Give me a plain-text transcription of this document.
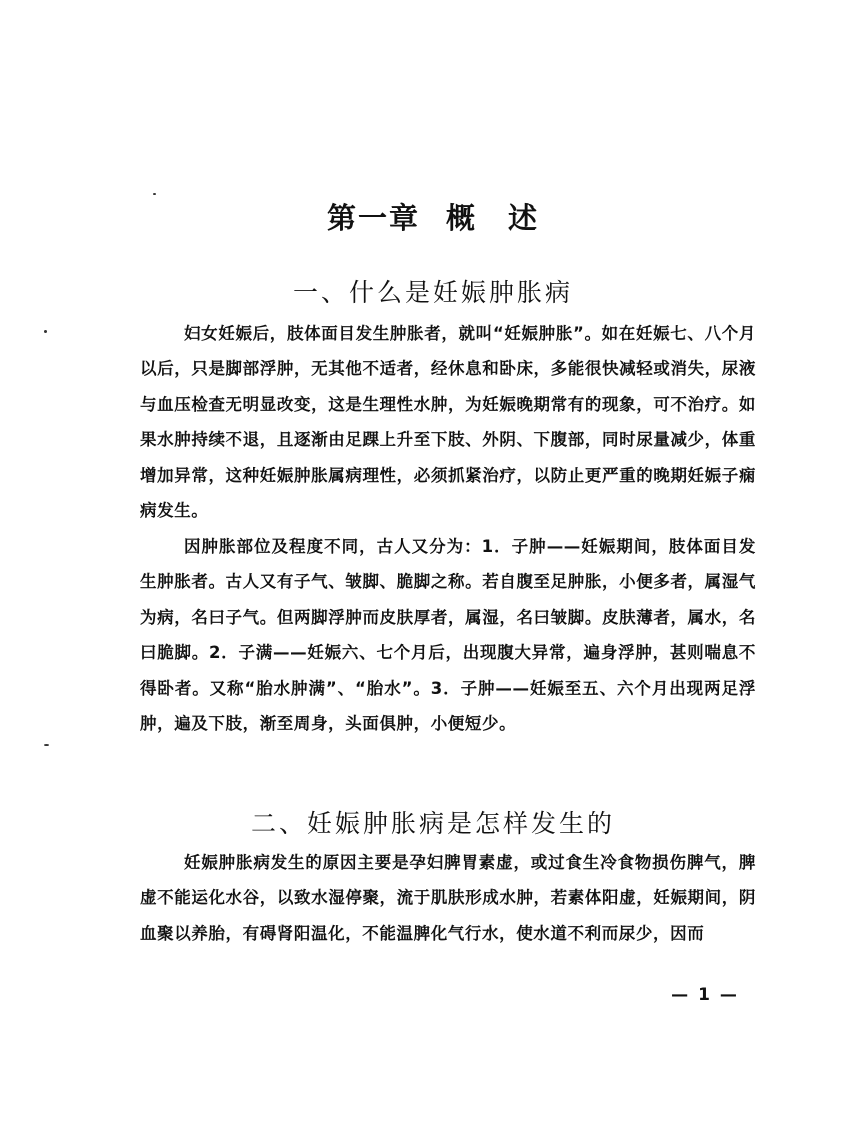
第一章 概　述
一、什么是妊娠肿胀病

妇女妊娠后，肢体面目发生肿胀者，就叫“妊娠肿胀”。如在妊娠七、八个月以后，只是脚部浮肿，无其他不适者，经休息和卧床，多能很快减轻或消失，尿液与血压检查无明显改变，这是生理性水肿，为妊娠晚期常有的现象，可不治疗。如果水肿持续不退，且逐渐由足踝上升至下肢、外阴、下腹部，同时尿量减少，体重增加异常，这种妊娠肿胀属病理性，必须抓紧治疗，以防止更严重的晚期妊娠子痫病发生。

因肿胀部位及程度不同，古人又分为：1．子肿——妊娠期间，肢体面目发生肿胀者。古人又有子气、皱脚、脆脚之称。若自腹至足肿胀，小便多者，属湿气为病，名曰子气。但两脚浮肿而皮肤厚者，属湿，名曰皱脚。皮肤薄者，属水，名曰脆脚。2．子满——妊娠六、七个月后，出现腹大异常，遍身浮肿，甚则喘息不得卧者。又称“胎水肿满”、“胎水”。3．子肿——妊娠至五、六个月出现两足浮肿，遍及下肢，渐至周身，头面俱肿，小便短少。

二、妊娠肿胀病是怎样发生的

妊娠肿胀病发生的原因主要是孕妇脾胃素虚，或过食生冷食物损伤脾气，脾虚不能运化水谷，以致水湿停聚，流于肌肤形成水肿，若素体阳虚，妊娠期间，阴血聚以养胎，有碍肾阳温化，不能温脾化气行水，使水道不利而尿少，因而

— 1 —
